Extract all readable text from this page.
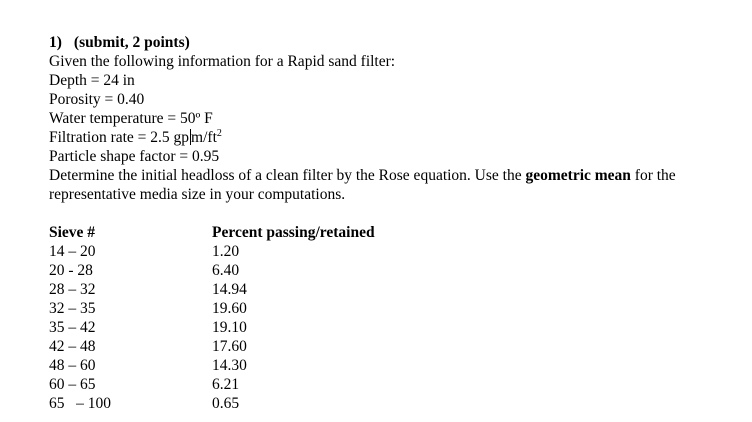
1) (submit, 2 points)
Given the following information for a Rapid sand filter:
Depth = 24 in
Porosity = 0.40
Water temperature = 50º F
Filtration rate = 2.5 gp $m/ft^2$
Particle shape factor = 0.95
Determine the initial headloss of a clean filter by the Rose equation. Use the geometric mean for the representative media size in your computations.
Sieve #	Percent passing/retained
14 – 20	1.20
20 - 28	6.40
28 – 32	14.94
32 – 35	19.60
35 – 42	19.10
42 – 48	17.60
48 – 60	14.30
60 – 65	6.21
65   – 100	0.65
